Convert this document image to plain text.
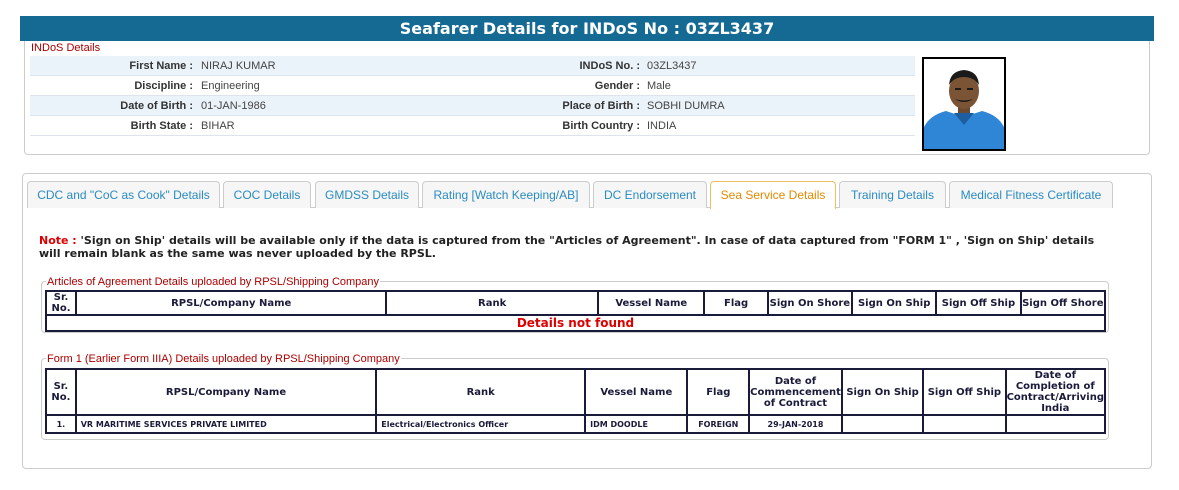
Seafarer Details for INDoS No : 03ZL3437
INDoS Details
First Name : NIRAJ KUMAR	INDoS No. : 03ZL3437
Discipline : Engineering	Gender : Male
Date of Birth : 01-JAN-1986	Place of Birth : SOBHI DUMRA
Birth State : BIHAR	Birth Country : INDIA
CDC and "CoC as Cook" Details	COC Details	GMDSS Details	Rating [Watch Keeping/AB]	DC Endorsement	Sea Service Details	Training Details	Medical Fitness Certificate
Note : 'Sign on Ship' details will be available only if the data is captured from the "Articles of Agreement". In case of data captured from "FORM 1" , 'Sign on Ship' details will remain blank as the same was never uploaded by the RPSL.
Articles of Agreement Details uploaded by RPSL/Shipping Company
Sr. No.	RPSL/Company Name	Rank	Vessel Name	Flag	Sign On Shore	Sign On Ship	Sign Off Ship	Sign Off Shore
Details not found
Form 1 (Earlier Form IIIA) Details uploaded by RPSL/Shipping Company
Sr. No.	RPSL/Company Name	Rank	Vessel Name	Flag	Date of Commencement of Contract	Sign On Ship	Sign Off Ship	Date of Completion of Contract/Arriving India
1.	VR MARITIME SERVICES PRIVATE LIMITED	Electrical/Electronics Officer	IDM DOODLE	FOREIGN	29-JAN-2018			
